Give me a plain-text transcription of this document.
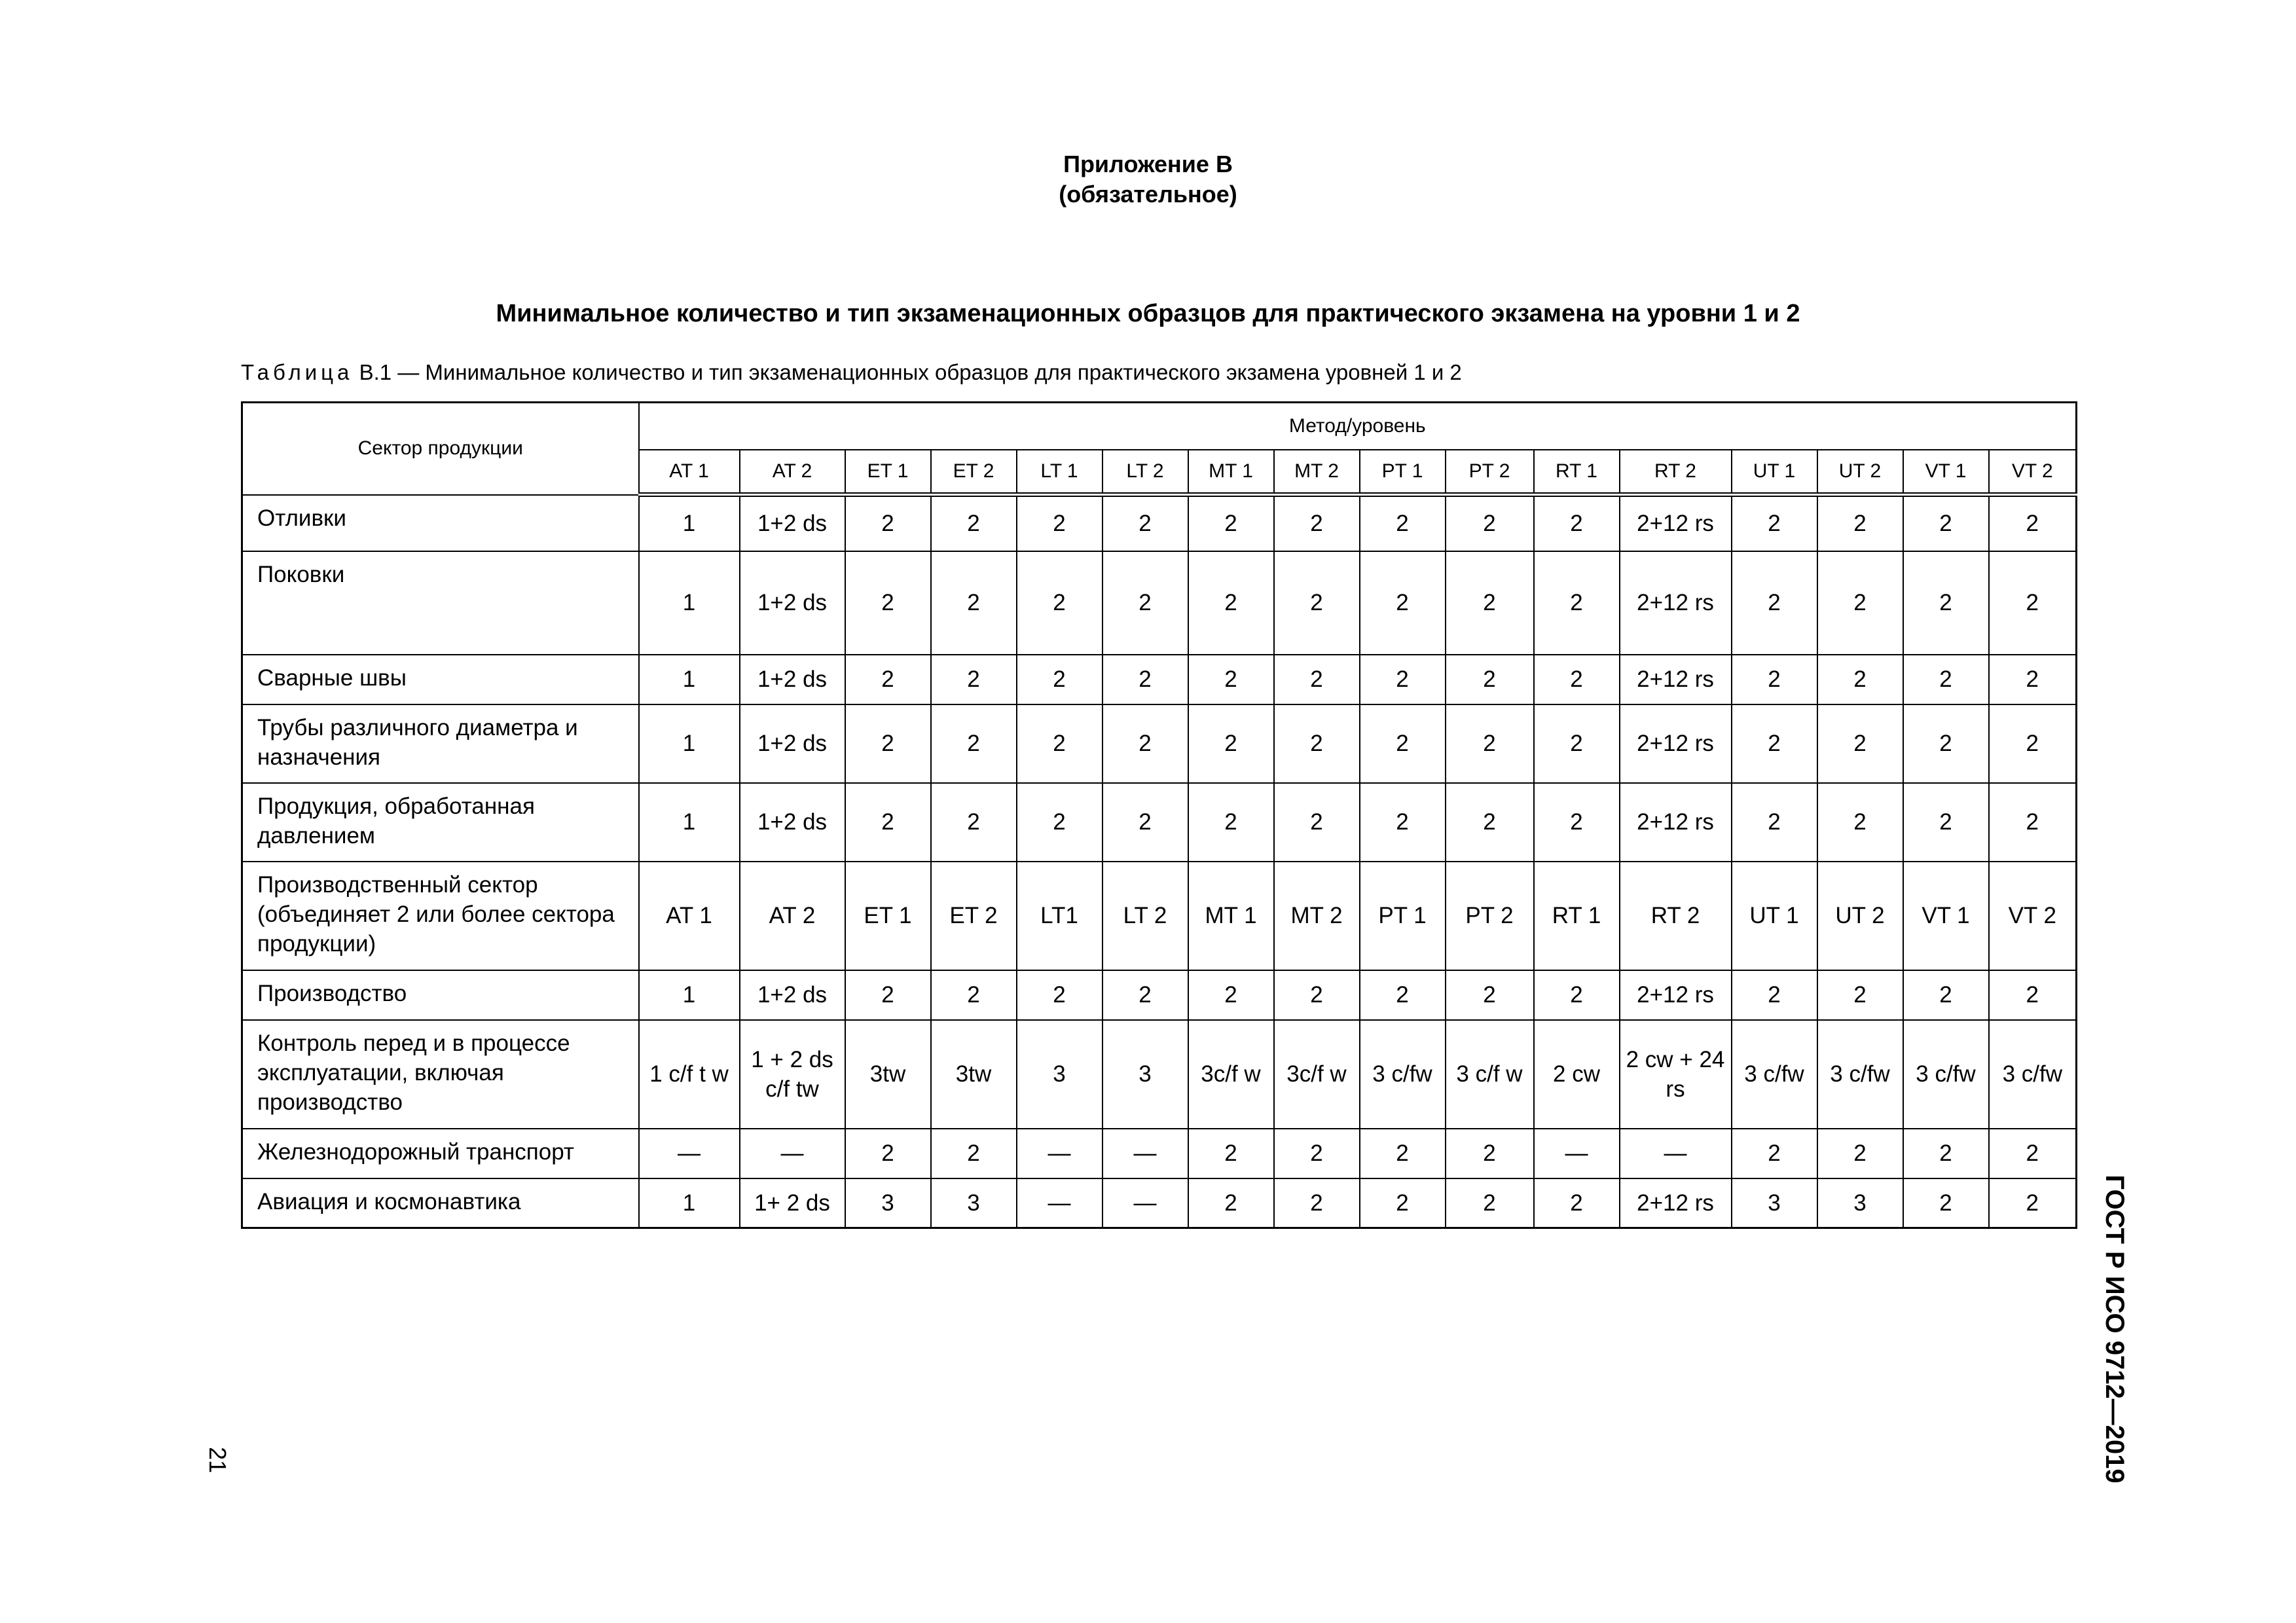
Приложение В
(обязательное)
Минимальное количество и тип экзаменационных образцов для практического экзамена на уровни 1 и 2
Таблица В.1 — Минимальное количество и тип экзаменационных образцов для практического экзамена уровней 1 и 2
Сектор продукции	Метод/уровень															
	AT 1	AT 2	ET 1	ET 2	LT 1	LT 2	MT 1	MT 2	PT 1	PT 2	RT 1	RT 2	UT 1	UT 2	VT 1	VT 2
Отливки	1	1+2 ds	2	2	2	2	2	2	2	2	2	2+12 rs	2	2	2	2
Поковки	1	1+2 ds	2	2	2	2	2	2	2	2	2	2+12 rs	2	2	2	2
Сварные швы	1	1+2 ds	2	2	2	2	2	2	2	2	2	2+12 rs	2	2	2	2
Трубы различного диаметра и назначения	1	1+2 ds	2	2	2	2	2	2	2	2	2	2+12 rs	2	2	2	2
Продукция, обработанная давлением	1	1+2 ds	2	2	2	2	2	2	2	2	2	2+12 rs	2	2	2	2
Производственный сектор (объединяет 2 или более сектора продукции)	AT 1	AT 2	ET 1	ET 2	LT1	LT 2	MT 1	MT 2	PT 1	PT 2	RT 1	RT 2	UT 1	UT 2	VT 1	VT 2
Производство	1	1+2 ds	2	2	2	2	2	2	2	2	2	2+12 rs	2	2	2	2
Контроль перед и в процессе эксплуатации, включая производство	1 c/f t w	1 + 2 ds c/f tw	3tw	3tw	3	3	3c/f w	3c/f w	3 c/fw	3 c/f w	2 cw	2 cw + 24 rs	3 c/fw	3 c/fw	3 c/fw	3 c/fw
Железнодорожный транспорт	—	—	2	2	—	—	2	2	2	2	—	—	2	2	2	2
Авиация и космонавтика	1	1+ 2 ds	3	3	—	—	2	2	2	2	2	2+12 rs	3	3	2	2
21	ГОСТ Р ИСО 9712—2019
